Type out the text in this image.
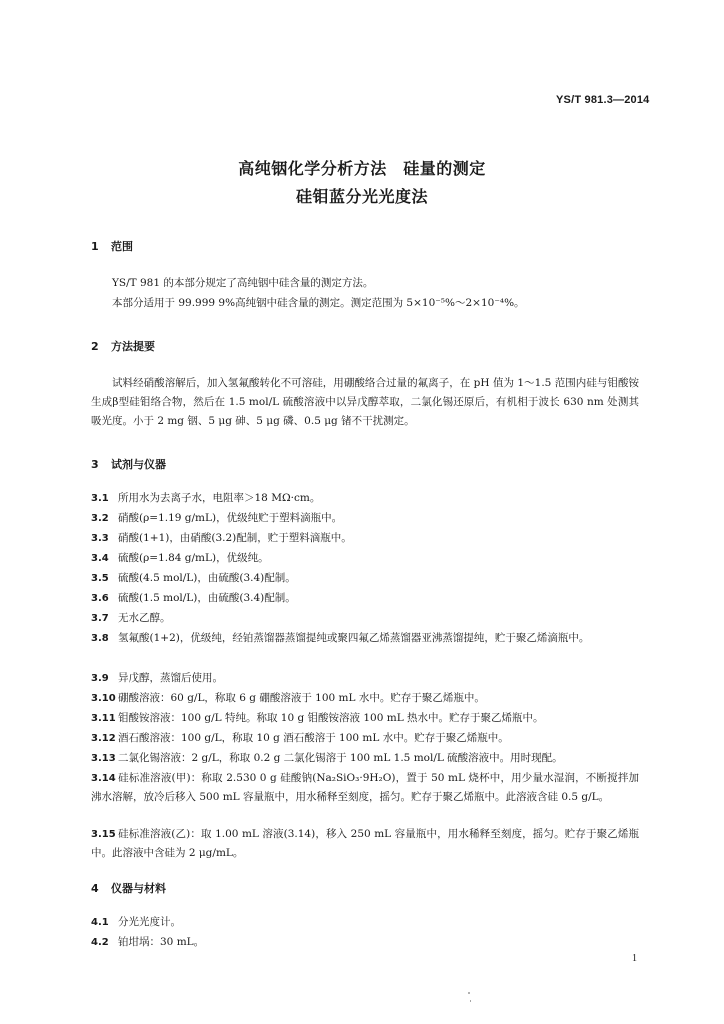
YS/T 981.3—2014
高纯铟化学分析方法　硅量的测定
硅钼蓝分光光度法
1 范围
YS/T 981 的本部分规定了高纯铟中硅含量的测定方法。
本部分适用于 99.999 9%高纯铟中硅含量的测定。测定范围为 5×10⁻⁵%～2×10⁻⁴%。
2 方法提要
试料经硝酸溶解后，加入氢氟酸转化不可溶硅，用硼酸络合过量的氟离子，在 pH 值为 1～1.5 范围内硅与钼酸铵生成β型硅钼络合物，然后在 1.5 mol/L 硫酸溶液中以异戊醇萃取，二氯化锡还原后，有机相于波长 630 nm 处测其吸光度。小于 2 mg 铟、5 μg 砷、5 μg 磷、0.5 μg 锗不干扰测定。
3 试剂与仪器
3.1 所用水为去离子水，电阻率＞18 MΩ·cm。
3.2 硝酸(ρ=1.19 g/mL)，优级纯贮于塑料滴瓶中。
3.3 硝酸(1+1)，由硝酸(3.2)配制，贮于塑料滴瓶中。
3.4 硫酸(ρ=1.84 g/mL)，优级纯。
3.5 硫酸(4.5 mol/L)，由硫酸(3.4)配制。
3.6 硫酸(1.5 mol/L)，由硫酸(3.4)配制。
3.7 无水乙醇。
3.8 氢氟酸(1+2)，优级纯，经铂蒸馏器蒸馏提纯或聚四氟乙烯蒸馏器亚沸蒸馏提纯，贮于聚乙烯滴瓶中。
3.9 异戊醇，蒸馏后使用。
3.10 硼酸溶液：60 g/L，称取 6 g 硼酸溶液于 100 mL 水中。贮存于聚乙烯瓶中。
3.11 钼酸铵溶液：100 g/L 特纯。称取 10 g 钼酸铵溶液 100 mL 热水中。贮存于聚乙烯瓶中。
3.12 酒石酸溶液：100 g/L，称取 10 g 酒石酸溶于 100 mL 水中。贮存于聚乙烯瓶中。
3.13 二氯化锡溶液：2 g/L，称取 0.2 g 二氯化锡溶于 100 mL 1.5 mol/L 硫酸溶液中。用时现配。
3.14 硅标准溶液(甲)：称取 2.530 0 g 硅酸钠(Na₂SiO₃·9H₂O)，置于 50 mL 烧杯中，用少量水湿润，不断搅拌加沸水溶解，放冷后移入 500 mL 容量瓶中，用水稀释至刻度，摇匀。贮存于聚乙烯瓶中。此溶液含硅 0.5 g/L。
3.15 硅标准溶液(乙)：取 1.00 mL 溶液(3.14)，移入 250 mL 容量瓶中，用水稀释至刻度，摇匀。贮存于聚乙烯瓶中。此溶液中含硅为 2 μg/mL。
4 仪器与材料
4.1 分光光度计。
4.2 铂坩埚：30 mL。
1
